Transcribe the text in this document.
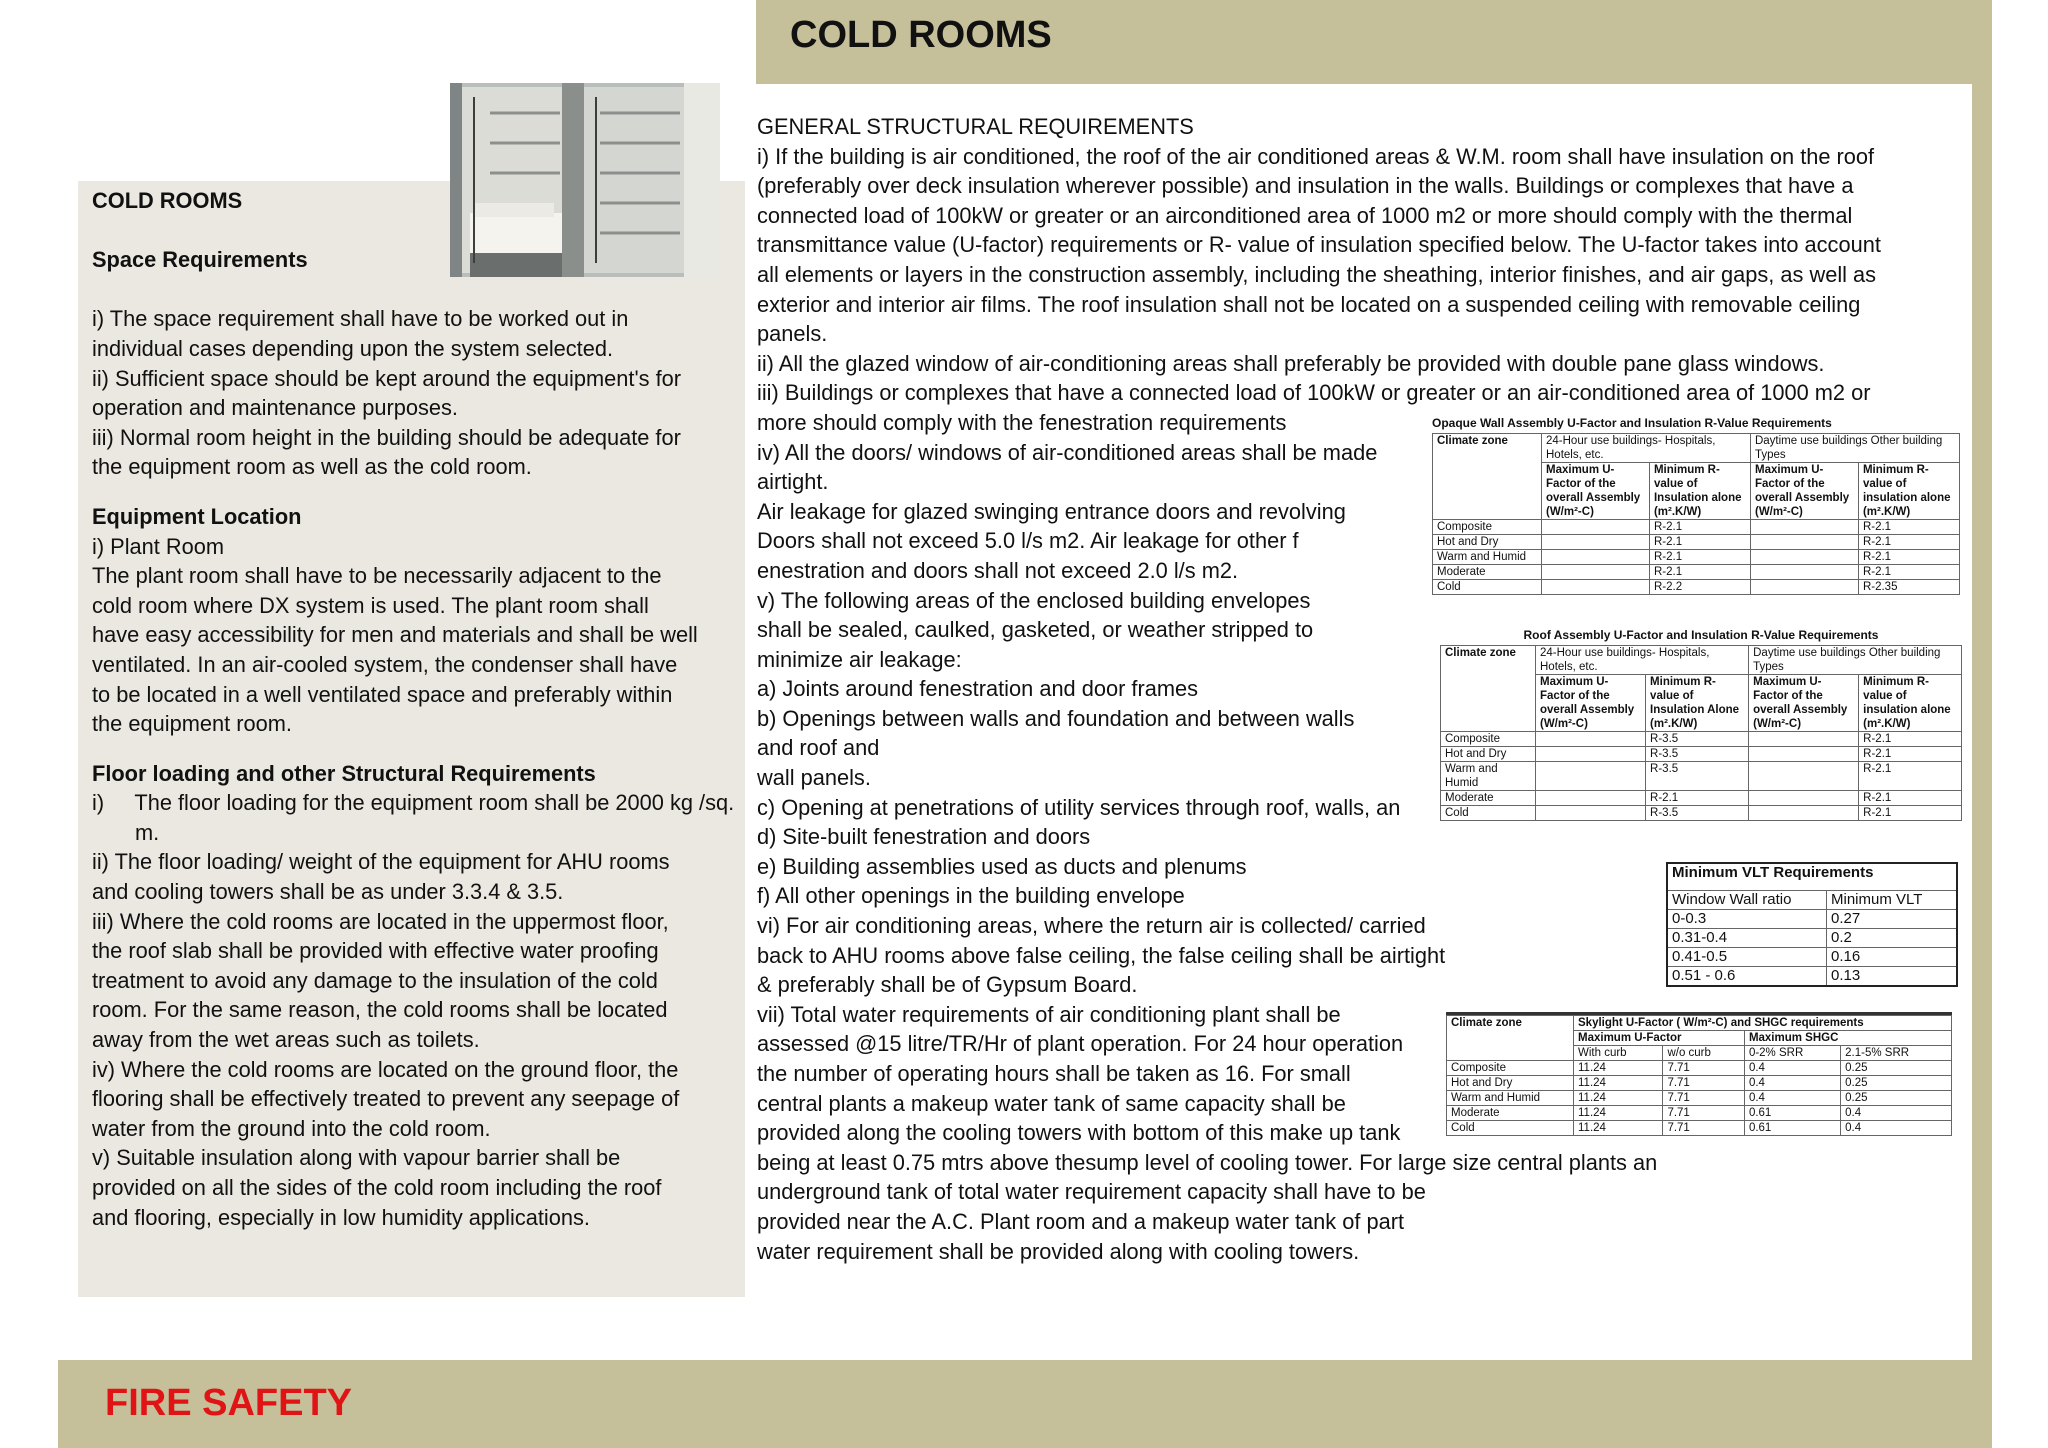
COLD ROOMS
FIRE SAFETY

COLD ROOMS

Space Requirements

i) The space requirement shall have to be worked out in
individual cases depending upon the system selected.
ii) Sufficient space should be kept around the equipment's for
operation and maintenance purposes.
iii) Normal room height in the building should be adequate for
the equipment room as well as the cold room.

Equipment Location

i) Plant Room
The plant room shall have to be necessarily adjacent to the
cold room where DX system is used. The plant room shall
have easy accessibility for men and materials and shall be well
ventilated. In an air-cooled system, the condenser shall have
to be located in a well ventilated space and preferably within
the equipment room.

Floor loading and other Structural Requirements

i)     The floor loading for the equipment room shall be 2000 kg /sq. m.

ii) The floor loading/ weight of the equipment for AHU rooms
and cooling towers shall be as under 3.3.4 & 3.5.
iii) Where the cold rooms are located in the uppermost floor,
the roof slab shall be provided with effective water proofing
treatment to avoid any damage to the insulation of the cold
room. For the same reason, the cold rooms shall be located
away from the wet areas such as toilets.
iv) Where the cold rooms are located on the ground floor, the
flooring shall be effectively treated to prevent any seepage of
water from the ground into the cold room.
v) Suitable insulation along with vapour barrier shall be
provided on all the sides of the cold room including the roof
and flooring, especially in low humidity applications.
GENERAL STRUCTURAL REQUIREMENTS
i) If the building is air conditioned, the roof of the air conditioned areas & W.M. room shall have insulation on the roof
(preferably over deck insulation wherever possible) and insulation in the walls. Buildings or complexes that have a
connected load of 100kW or greater or an airconditioned area of 1000 m2 or more should comply with the thermal
transmittance value (U-factor) requirements or R- value of insulation specified below. The U-factor takes into account
all elements or layers in the construction assembly, including the sheathing, interior finishes, and air gaps, as well as
exterior and interior air films. The roof insulation shall not be located on a suspended ceiling with removable ceiling
panels.
ii) All the glazed window of air-conditioning areas shall preferably be provided with double pane glass windows.
iii) Buildings or complexes that have a connected load of 100kW or greater or an air-conditioned area of 1000 m2 or
more should comply with the fenestration requirements
iv) All the doors/ windows of air-conditioned areas shall be made
airtight.
Air leakage for glazed swinging entrance doors and revolving
Doors shall not exceed 5.0 l/s m2. Air leakage for other f
enestration and doors shall not exceed 2.0 l/s m2.
v) The following areas of the enclosed building envelopes
shall be sealed, caulked, gasketed, or weather stripped to
minimize air leakage:
a) Joints around fenestration and door frames
b) Openings between walls and foundation and between walls
and roof and
wall panels.
c) Opening at penetrations of utility services through roof, walls, an
d) Site-built fenestration and doors
e) Building assemblies used as ducts and plenums
f) All other openings in the building envelope
vi) For air conditioning areas, where the return air is collected/ carried
back to AHU rooms above false ceiling, the false ceiling shall be airtight
& preferably shall be of Gypsum Board.
vii) Total water requirements of air conditioning plant shall be
assessed @15 litre/TR/Hr of plant operation. For 24 hour operation
the number of operating hours shall be taken as 16. For small
central plants a makeup water tank of same capacity shall be
provided along the cooling towers with bottom of this make up tank
being at least 0.75 mtrs above thesump level of cooling tower. For large size central plants an
underground tank of total water requirement capacity shall have to be
provided near the A.C. Plant room and a makeup water tank of part
water requirement shall be provided along with cooling towers.
Opaque Wall Assembly U-Factor and Insulation R-Value Requirements
Climate zone	24-Hour use buildings- Hospitals, Hotels, etc.		Daytime use buildings Other building Types	
	Maximum U-Factor of the overall Assembly (W/m²-C)	Minimum R-value of Insulation alone (m².K/W)	Maximum U-Factor of the overall Assembly (W/m²-C)	Minimum R-value of insulation alone (m².K/W)
Composite		R-2.1		R-2.1
Hot and Dry		R-2.1		R-2.1
Warm and Humid		R-2.1		R-2.1
Moderate		R-2.1		R-2.1
Cold		R-2.2		R-2.35
Roof Assembly U-Factor and Insulation R-Value Requirements
Climate zone	24-Hour use buildings- Hospitals, Hotels, etc.		Daytime use buildings Other building Types	
	Maximum U-Factor of the overall Assembly (W/m²-C)	Minimum R-value of Insulation Alone (m².K/W)	Maximum U-Factor of the overall Assembly (W/m²-C)	Minimum R-value of insulation alone (m².K/W)
Composite		R-3.5		R-2.1
Hot and Dry		R-3.5		R-2.1
Warm and Humid		R-3.5		R-2.1
Moderate		R-2.1		R-2.1
Cold		R-3.5		R-2.1
Minimum VLT Requirements	
Window Wall ratio	Minimum VLT
0-0.3	0.27
0.31-0.4	0.2
0.41-0.5	0.16
0.51 - 0.6	0.13
Climate zone	Skylight U-Factor ( W/m²-C) and SHGC requirements			
	Maximum U-Factor		Maximum SHGC	
	With curb	w/o curb	0-2% SRR	2.1-5% SRR
Composite	11.24	7.71	0.4	0.25
Hot and Dry	11.24	7.71	0.4	0.25
Warm and Humid	11.24	7.71	0.4	0.25
Moderate	11.24	7.71	0.61	0.4
Cold	11.24	7.71	0.61	0.4
